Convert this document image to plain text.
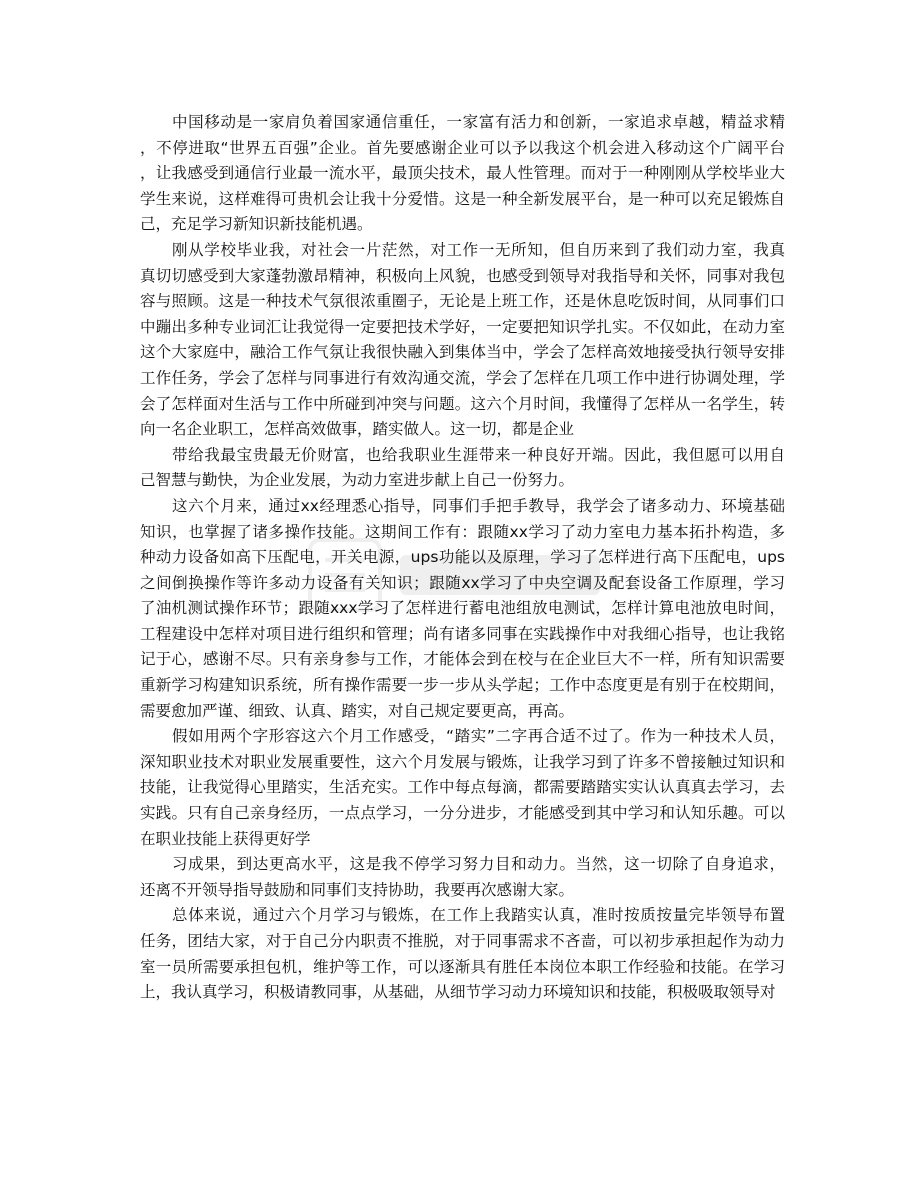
中国移动是一家肩负着国家通信重任，一家富有活力和创新，一家追求卓越，精益求精
，不停进取“世界五百强”企业。首先要感谢企业可以予以我这个机会进入移动这个广阔平台
，让我感受到通信行业最一流水平，最顶尖技术，最人性管理。而对于一种刚刚从学校毕业大
学生来说，这样难得可贵机会让我十分爱惜。这是一种全新发展平台，是一种可以充足锻炼自
己，充足学习新知识新技能机遇。
刚从学校毕业我，对社会一片茫然，对工作一无所知，但自历来到了我们动力室，我真
真切切感受到大家蓬勃激昂精神，积极向上风貌，也感受到领导对我指导和关怀，同事对我包
容与照顾。这是一种技术气氛很浓重圈子，无论是上班工作，还是休息吃饭时间，从同事们口
中蹦出多种专业词汇让我觉得一定要把技术学好，一定要把知识学扎实。不仅如此，在动力室
这个大家庭中，融洽工作气氛让我很快融入到集体当中，学会了怎样高效地接受执行领导安排
工作任务，学会了怎样与同事进行有效沟通交流，学会了怎样在几项工作中进行协调处理，学
会了怎样面对生活与工作中所碰到冲突与问题。这六个月时间，我懂得了怎样从一名学生，转
向一名企业职工，怎样高效做事，踏实做人。这一切，都是企业
带给我最宝贵最无价财富，也给我职业生涯带来一种良好开端。因此，我但愿可以用自
己智慧与勤快，为企业发展，为动力室进步献上自己一份努力。
这六个月来，通过xx经理悉心指导，同事们手把手教导，我学会了诸多动力、环境基础
知识，也掌握了诸多操作技能。这期间工作有：跟随xx学习了动力室电力基本拓扑构造，多
种动力设备如高下压配电，开关电源，ups功能以及原理，学习了怎样进行高下压配电，ups
之间倒换操作等许多动力设备有关知识；跟随xx学习了中央空调及配套设备工作原理，学习
了油机测试操作环节；跟随xxx学习了怎样进行蓄电池组放电测试，怎样计算电池放电时间，
工程建设中怎样对项目进行组织和管理；尚有诸多同事在实践操作中对我细心指导，也让我铭
记于心，感谢不尽。只有亲身参与工作，才能体会到在校与在企业巨大不一样，所有知识需要
重新学习构建知识系统，所有操作需要一步一步从头学起；工作中态度更是有别于在校期间，
需要愈加严谨、细致、认真、踏实，对自己规定要更高，再高。
假如用两个字形容这六个月工作感受，“踏实”二字再合适不过了。作为一种技术人员，
深知职业技术对职业发展重要性，这六个月发展与锻炼，让我学习到了许多不曾接触过知识和
技能，让我觉得心里踏实，生活充实。工作中每点每滴，都需要踏踏实实认认真真去学习，去
实践。只有自己亲身经历，一点点学习，一分分进步，才能感受到其中学习和认知乐趣。可以
在职业技能上获得更好学
习成果，到达更高水平，这是我不停学习努力目和动力。当然，这一切除了自身追求，
还离不开领导指导鼓励和同事们支持协助，我要再次感谢大家。
总体来说，通过六个月学习与锻炼，在工作上我踏实认真，准时按质按量完毕领导布置
任务，团结大家，对于自己分内职责不推脱，对于同事需求不吝啬，可以初步承担起作为动力
室一员所需要承担包机，维护等工作，可以逐渐具有胜任本岗位本职工作经验和技能。在学习
上，我认真学习，积极请教同事，从基础，从细节学习动力环境知识和技能，积极吸取领导对
